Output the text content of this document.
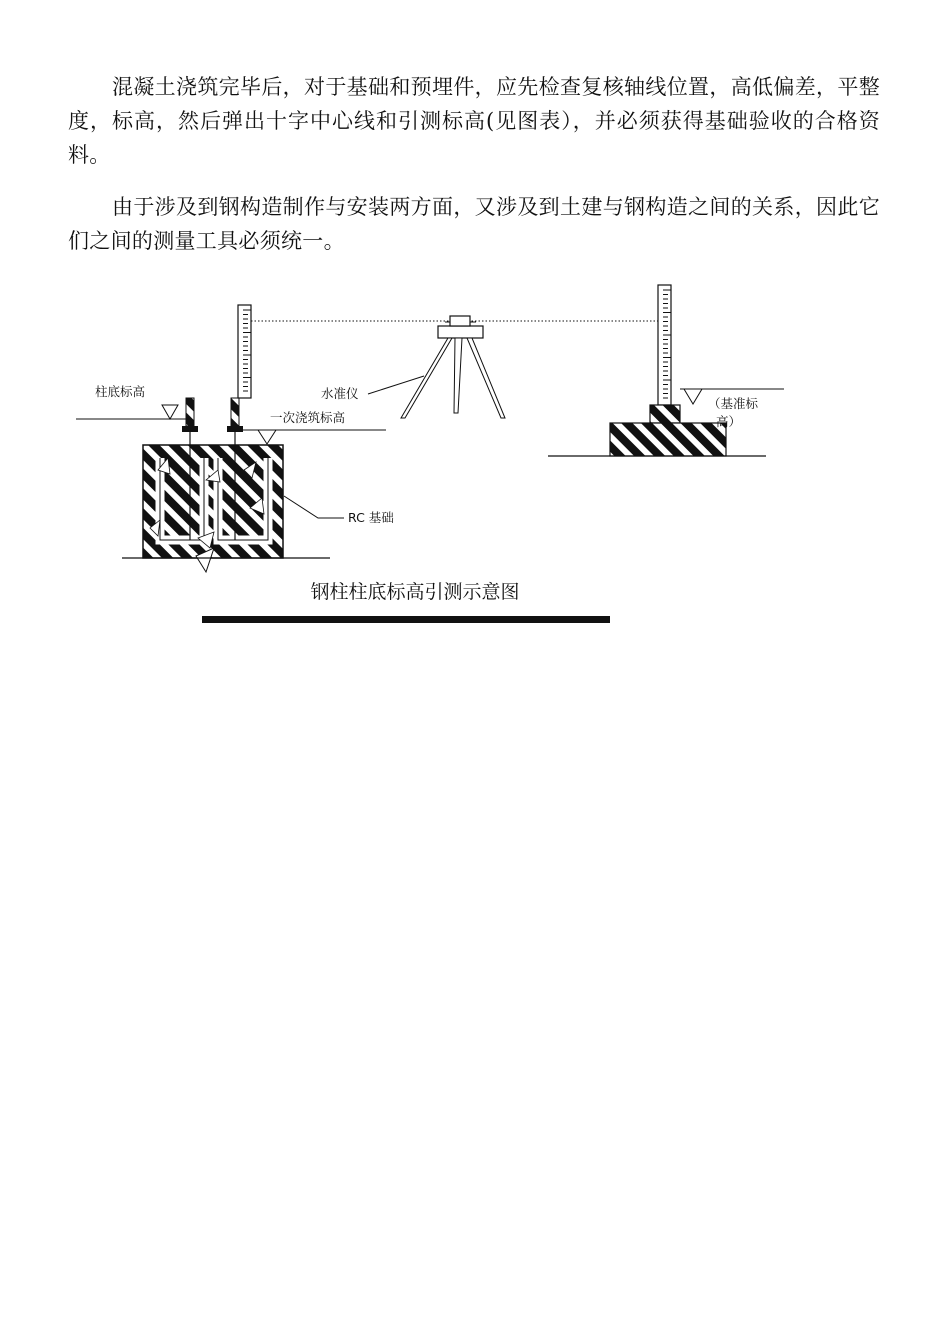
混凝土浇筑完毕后，对于基础和预埋件，应先检查复核轴线位置，高低偏差，平整度，标高，然后弹出十字中心线和引测标高(见图表），并必须获得基础验收的合格资料。

由于涉及到钢构造制作与安装两方面，又涉及到土建与钢构造之间的关系，因此它们之间的测量工具必须统一。

柱底标高
一次浇筑标高
RC 基础
水准仪
（基准标
高）
钢柱柱底标高引测示意图
